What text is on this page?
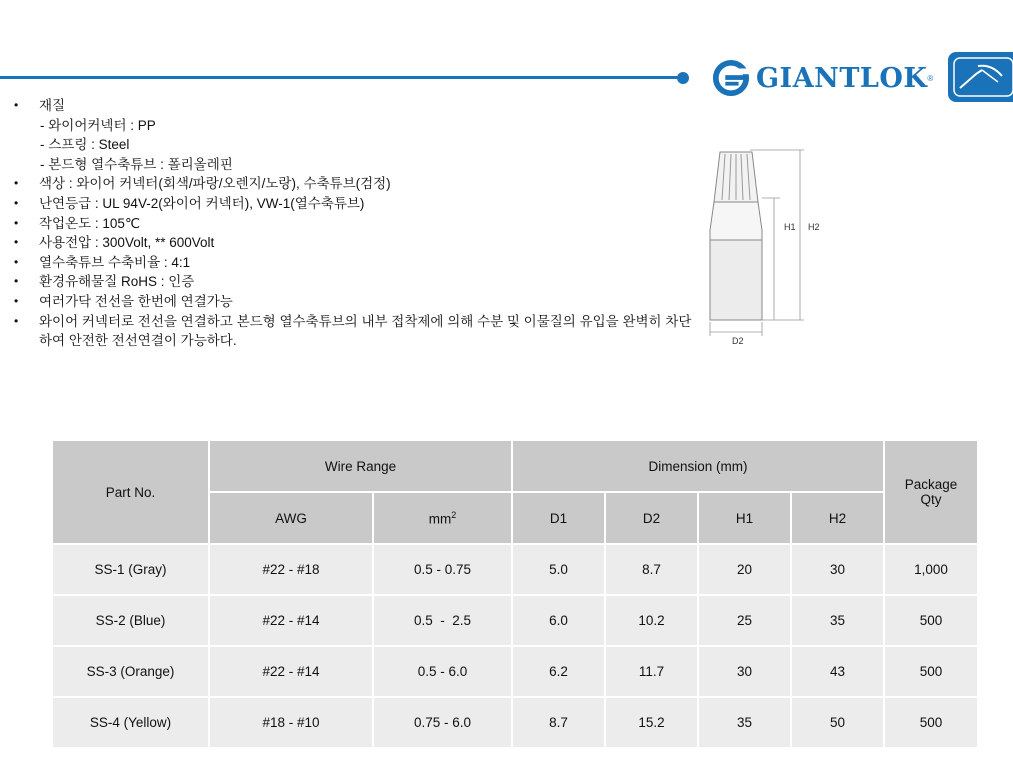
GIANTLOK ®
• 재질
- 와이어커넥터 : PP
- 스프링 : Steel
- 본드형 열수축튜브 : 폴리올레핀
• 색상 : 와이어 커넥터(회색/파랑/오렌지/노랑), 수축튜브(검정)
• 난연등급 : UL 94V-2(와이어 커넥터), VW-1(열수축튜브)
• 작업온도 : 105℃
• 사용전압 : 300Volt, ** 600Volt
• 열수축튜브 수축비율 : 4:1
• 환경유해물질 RoHS : 인증
• 여러가닥 전선을 한번에 연결가능
• 와이어 커넥터로 전선을 연결하고 본드형 열수축튜브의 내부 접착제에 의해 수분 및 이물질의 유입을 완벽히 차단하여 안전한 전선연결이 가능하다.
H1 H2
D2
Part No.	Wire Range		Dimension (mm)				Package Qty
	AWG	$mm^2$	D1	D2	H1	H2	
SS-1 (Gray)	#22 - #18	0.5 - 0.75	5.0	8.7	20	30	1,000
SS-2 (Blue)	#22 - #14	0.5  -  2.5	6.0	10.2	25	35	500
SS-3 (Orange)	#22 - #14	0.5 - 6.0	6.2	11.7	30	43	500
SS-4 (Yellow)	#18 - #10	0.75 - 6.0	8.7	15.2	35	50	500
